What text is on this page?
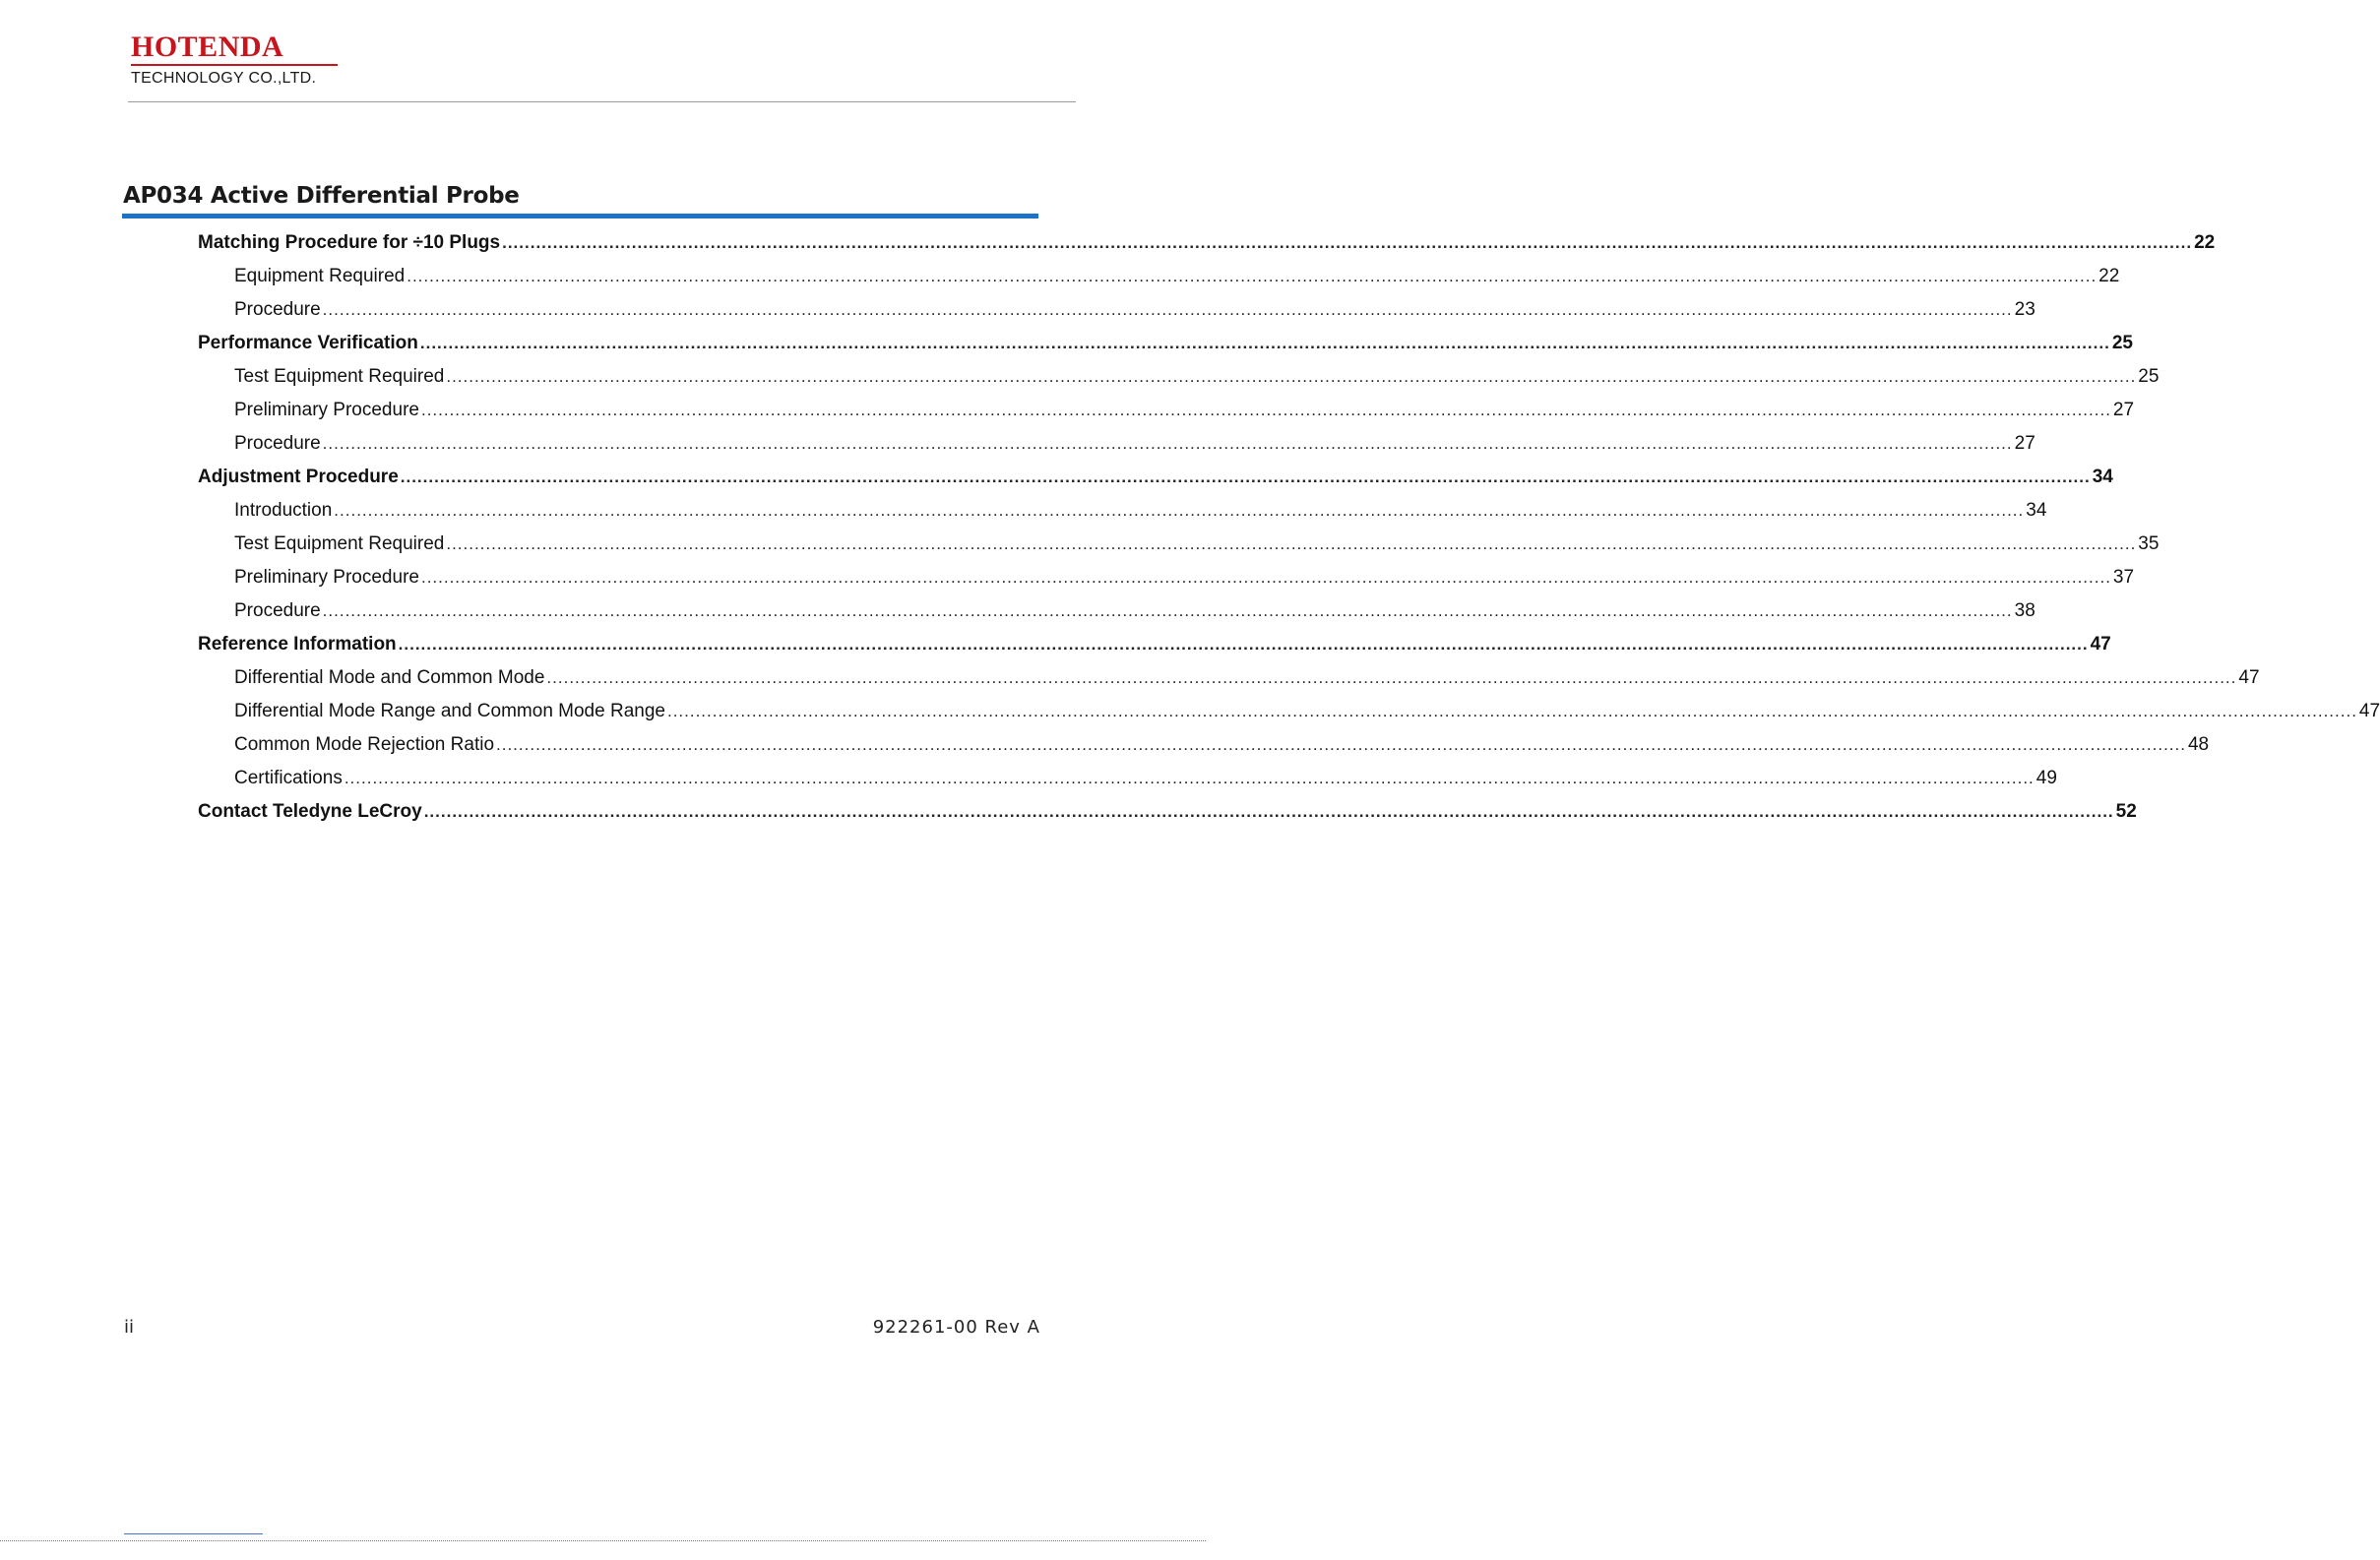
HOTENDA
TECHNOLOGY CO.,LTD.
AP034 Active Differential Probe
Matching Procedure for ÷10 Plugs ............................................................................................................................................................................................................................................................................................................ 22
Equipment Required ............................................................................................................................................................................................................................................................................................................ 22
Procedure ............................................................................................................................................................................................................................................................................................................ 23
Performance Verification ............................................................................................................................................................................................................................................................................................................ 25
Test Equipment Required ............................................................................................................................................................................................................................................................................................................ 25
Preliminary Procedure ............................................................................................................................................................................................................................................................................................................ 27
Procedure ............................................................................................................................................................................................................................................................................................................ 27
Adjustment Procedure ............................................................................................................................................................................................................................................................................................................ 34
Introduction ............................................................................................................................................................................................................................................................................................................ 34
Test Equipment Required ............................................................................................................................................................................................................................................................................................................ 35
Preliminary Procedure ............................................................................................................................................................................................................................................................................................................ 37
Procedure ............................................................................................................................................................................................................................................................................................................ 38
Reference Information ............................................................................................................................................................................................................................................................................................................ 47
Differential Mode and Common Mode ............................................................................................................................................................................................................................................................................................................ 47
Differential Mode Range and Common Mode Range ............................................................................................................................................................................................................................................................................................................ 47
Common Mode Rejection Ratio ............................................................................................................................................................................................................................................................................................................ 48
Certifications ............................................................................................................................................................................................................................................................................................................ 49
Contact Teledyne LeCroy ............................................................................................................................................................................................................................................................................................................ 52
ii	922261-00 Rev A
